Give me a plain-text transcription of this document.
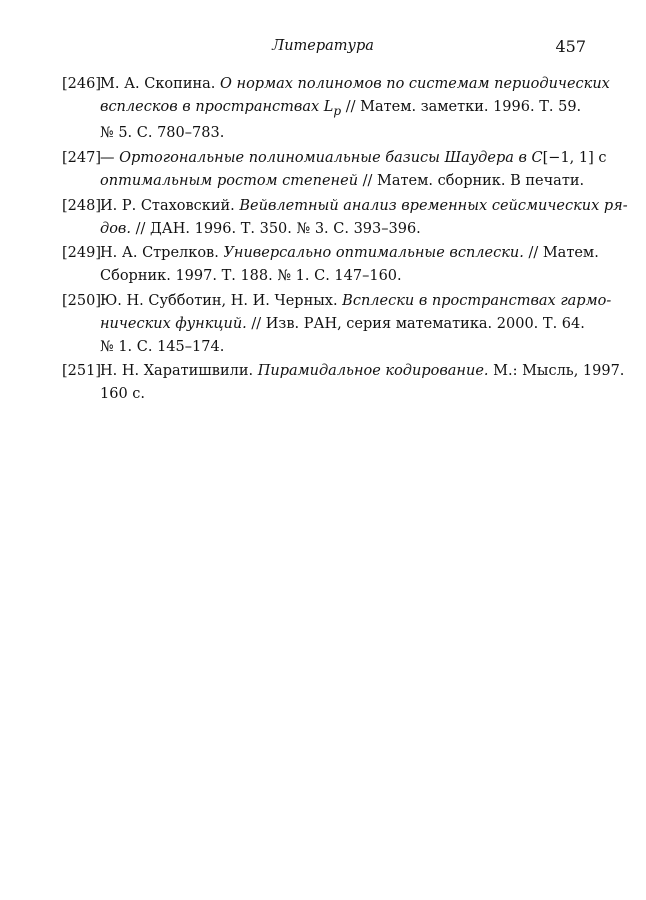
Литература	457
[246] М. А. Скопина. О нормах полиномов по системам периодических
всплесков в пространствах $L_p$ // Матем. заметки. 1996. Т. 59.
№ 5. С. 780–783.
[247] — Ортогональные полиномиальные базисы Шаудера в C[−1, 1] с
оптимальным ростом степеней // Матем. сборник. В печати.
[248] И. Р. Стаховский. Вейвлетный анализ временных сейсмических ря-
дов. // ДАН. 1996. Т. 350. № 3. С. 393–396.
[249] Н. А. Стрелков. Универсально оптимальные всплески. // Матем.
Сборник. 1997. Т. 188. № 1. С. 147–160.
[250] Ю. Н. Субботин, Н. И. Черных. Всплески в пространствах гармо-
нических функций. // Изв. РАН, серия математика. 2000. Т. 64.
№ 1. С. 145–174.
[251] Н. Н. Харатишвили. Пирамидальное кодирование. М.: Мысль, 1997.
160 с.
